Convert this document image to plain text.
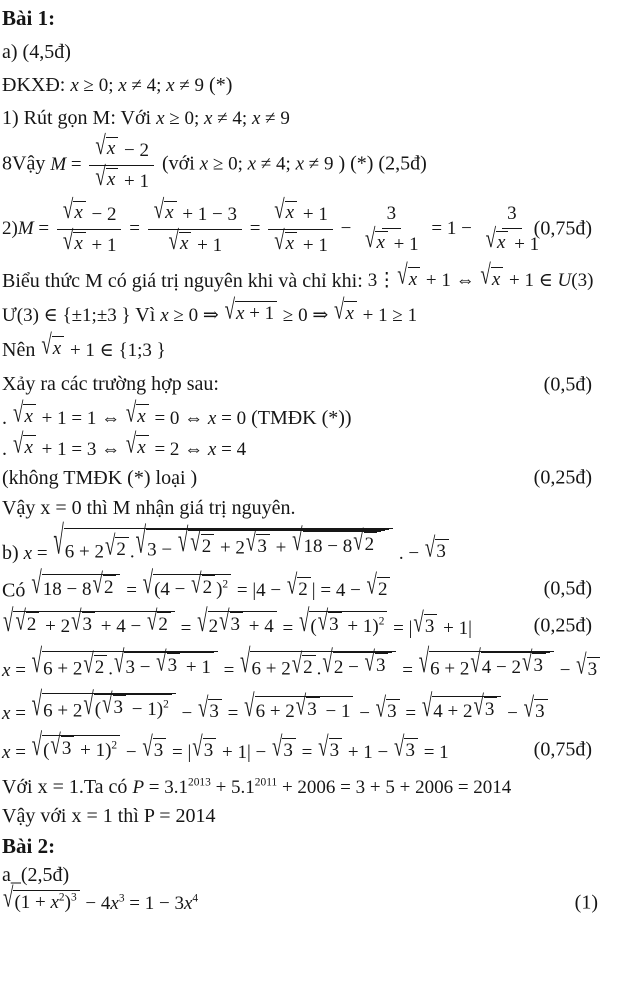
Bài 1:
a) (4,5đ)
ĐKXĐ: x ≥ 0; x ≠ 4; x ≠ 9 (*)
1) Rút gọn M: Với x ≥ 0; x ≠ 4; x ≠ 9
8Vậy $M = \frac{√ x - 2}{√ x + 1}$ (với x ≥ 0; x ≠ 4; x ≠ 9 ) (*) (2,5đ)
$2)M = \frac{√ x - 2}{√ x + 1} = \frac{√ x + 1 - 3}{√ x + 1} = \frac{√ x + 1}{√ x + 1} - \frac{3}{√ x + 1} = 1 - \frac{3}{√ x + 1}$
(0,75đ)
Biểu thức M có giá trị nguyên khi và chỉ khi: 3⋮ √ x + 1 ⇔ √ x + 1 ∈ U(3)
Ư(3) ∈ {±1;±3 } Vì x ≥ 0 ⇒ √ x + 1 ≥ 0 ⇒ √ x + 1 ≥ 1
Nên √ x + 1 ∈ {1;3 }
Xảy ra các trường hợp sau:	(0,5đ)
. √ x + 1 = 1 ⇔ √ x = 0 ⇔ x = 0 (TMĐK (*))
. √ x + 1 = 3 ⇔ √ x = 2 ⇔ x = 4
(không TMĐK (*) loại )	(0,25đ)
Vậy x = 0 thì M nhận giá trị nguyên.
b) x = √ 6 + 2 √ 2 . √ 3 − √ √ 2 + 2 √ 3 + √ 18 − 8 √ 2 . − √ 3
Có √ 18 − 8 √ 2 = √ (4 − √ 2 )$^2$ = |4 − √ 2 | = 4 − √ 2	(0,5đ)
√ √ 2 + 2 √ 3 + 4 − √ 2 = √ 2 √ 3 + 4 = √ ( √ 3 + 1)$^2$ = | √ 3 + 1|	(0,25đ)
x = √ 6 + 2 √ 2 . √ 3 − √ 3 + 1 = √ 6 + 2 √ 2 . √ 2 − √ 3 = √ 6 + 2 √ 4 − 2 √ 3 − √ 3
x = √ 6 + 2 √ ( √ 3 − 1)$^2$ − √ 3 = √ 6 + 2 √ 3 − 1 − √ 3 = √ 4 + 2 √ 3 − √ 3
x = √ ( √ 3 + 1)$^2$ − √ 3 = | √ 3 + 1| − √ 3 = √ 3 + 1 − √ 3 = 1	(0,75đ)
Với x = 1.Ta có $P = 3.1^{2013} + 5.1^{2011} + 2006 = 3 + 5 + 2006 = 2014$
Vậy với x = 1 thì P = 2014
Bài 2:
a_(2,5đ)
√ $(1 + x^2)^3 - 4x^3 = 1 - 3x^4$	(1)
